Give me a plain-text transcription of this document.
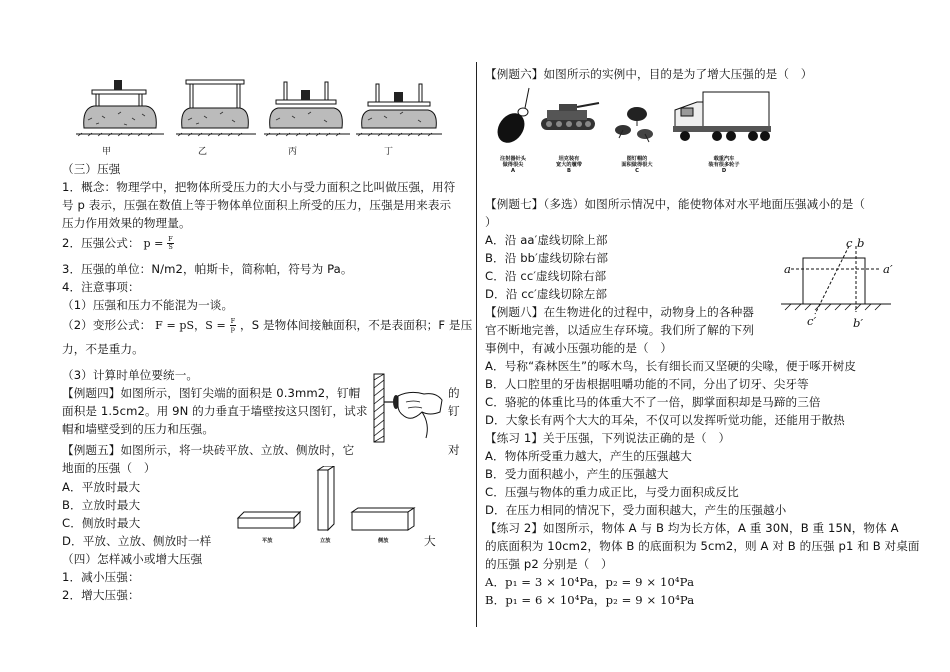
甲	乙	丙	丁
（三）压强
1．概念：物理学中，把物体所受压力的大小与受力面积之比叫做压强，用符
号 p 表示，压强在数值上等于物体单位面积上所受的压力，压强是用来表示
压力作用效果的物理量。
2．压强公式： $p = \frac{F}{S}$
3．压强的单位：N/m2，帕斯卡，简称帕，符号为 Pa。
4．注意事项：
（1）压强和压力不能混为一谈。
（2）变形公式： F = pS，$S = \frac{F}{p}$ ，S 是物体间接触面积，不是表面积；F 是压
力，不是重力。
（3）计算时单位要统一。
【例题四】如图所示，图钉尖端的面积是 0.3mm2，钉帽	的
面积是 1.5cm2。用 9N 的力垂直于墙壁按这只图钉，试求	钉
帽和墙壁受到的压力和压强。
【例题五】如图所示，将一块砖平放、立放、侧放时，它	对
地面的压强（　）
A．平放时最大
B．立放时最大
C．侧放时最大
D．平放、立放、侧放时一样	大
平放	立放	侧放
（四）怎样减小或增大压强
1．减小压强：
2．增大压强：
【例题六】如图所示的实例中，目的是为了增大压强的是（　）
注射器针头
做得很尖
A
坦克装有
宽大的履带
B
图钉帽的
面积做得很大
C
载重汽车
装有很多轮子
D
【例题七】（多选）如图所示情况中，能使物体对水平地面压强减小的是（
）
A．沿 aa′虚线切除上部
B．沿 bb′虚线切除右部
C．沿 cc′虚线切除右部
D．沿 cc′虚线切除左部
a	a′
c b
c′	b′
【例题八】在生物进化的过程中，动物身上的各种器
官不断地完善，以适应生存环境。我们所了解的下列
事例中，有减小压强功能的是（　）
A．号称“森林医生”的啄木鸟，长有细长而又坚硬的尖喙，便于啄开树皮
B．人口腔里的牙齿根据咀嚼功能的不同，分出了切牙、尖牙等
C．骆驼的体重比马的体重大不了一倍，脚掌面积却是马蹄的三倍
D．大象长有两个大大的耳朵，不仅可以发挥听觉功能，还能用于散热
【练习 1】关于压强，下列说法正确的是（　）
A．物体所受重力越大，产生的压强越大
B．受力面积越小，产生的压强越大
C．压强与物体的重力成正比，与受力面积成反比
D．在压力相同的情况下，受力面积越大，产生的压强越小
【练习 2】如图所示，物体 A 与 B 均为长方体，A 重 30N，B 重 15N，物体 A
的底面积为 10cm2，物体 B 的底面积为 5cm2，则 A 对 B 的压强 p1 和 B 对桌面
的压强 p2 分别是（　）
A．p₁ = 3 × 10⁴Pa，p₂ = 9 × 10⁴Pa
B．p₁ = 6 × 10⁴Pa，p₂ = 9 × 10⁴Pa
